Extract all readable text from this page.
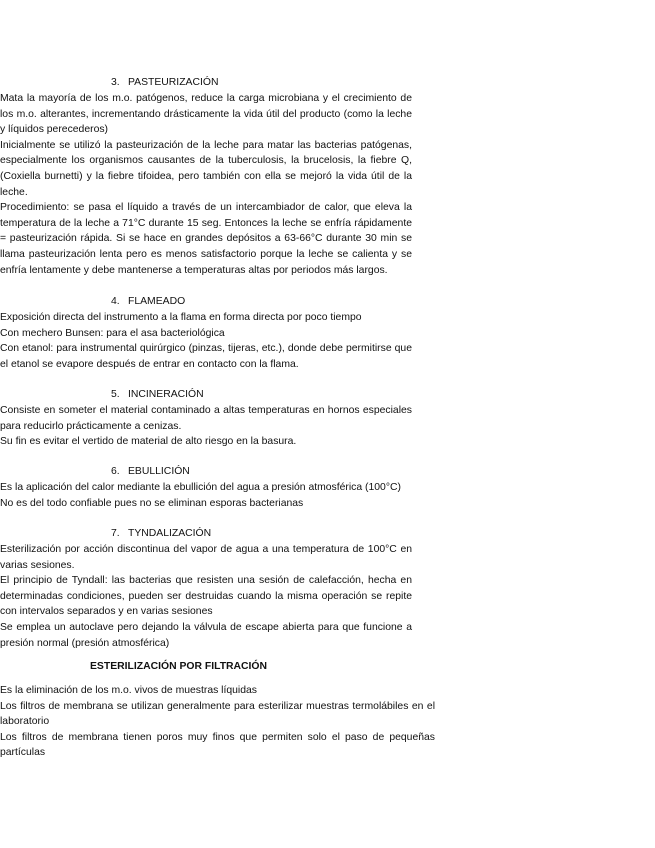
3. PASTEURIZACIÓN
Mata la mayoría de los m.o. patógenos, reduce la carga microbiana y el crecimiento de los m.o. alterantes, incrementando drásticamente la vida útil del producto (como la leche y líquidos perecederos)
Inicialmente se utilizó la pasteurización de la leche para matar las bacterias patógenas, especialmente los organismos causantes de la tuberculosis, la brucelosis, la fiebre Q, (Coxiella burnetti) y la fiebre tifoidea, pero también con ella se mejoró la vida útil de la leche.
Procedimiento: se pasa el líquido a través de un intercambiador de calor, que eleva la temperatura de la leche a 71°C durante 15 seg. Entonces la leche se enfría rápidamente = pasteurización rápida. Si se hace en grandes depósitos a 63-66°C durante 30 min se llama pasteurización lenta pero es menos satisfactorio porque la leche se calienta y se enfría lentamente y debe mantenerse a temperaturas altas por periodos más largos.
4. FLAMEADO
Exposición directa del instrumento a la flama en forma directa por poco tiempo
Con mechero Bunsen: para el asa bacteriológica
Con etanol: para instrumental quirúrgico (pinzas, tijeras, etc.), donde debe permitirse que el etanol se evapore después de entrar en contacto con la flama.
5. INCINERACIÓN
Consiste en someter el material contaminado a altas temperaturas en hornos especiales para reducirlo prácticamente a cenizas.
Su fin es evitar el vertido de material de alto riesgo en la basura.
6. EBULLICIÓN
Es la aplicación del calor mediante la ebullición del agua a presión atmosférica (100°C)
No es del todo confiable pues no se eliminan esporas bacterianas
7. TYNDALIZACIÓN
Esterilización por acción discontinua del vapor de agua a una temperatura de 100°C en varias sesiones.
El principio de Tyndall: las bacterias que resisten una sesión de calefacción, hecha en determinadas condiciones, pueden ser destruidas cuando la misma operación se repite con intervalos separados y en varias sesiones
Se emplea un autoclave pero dejando la válvula de escape abierta para que funcione a presión normal (presión atmosférica)
ESTERILIZACIÓN POR FILTRACIÓN
Es la eliminación de los m.o. vivos de muestras líquidas
Los filtros de membrana se utilizan generalmente para esterilizar muestras termolábiles en el laboratorio
Los filtros de membrana tienen poros muy finos que permiten solo el paso de pequeñas partículas
